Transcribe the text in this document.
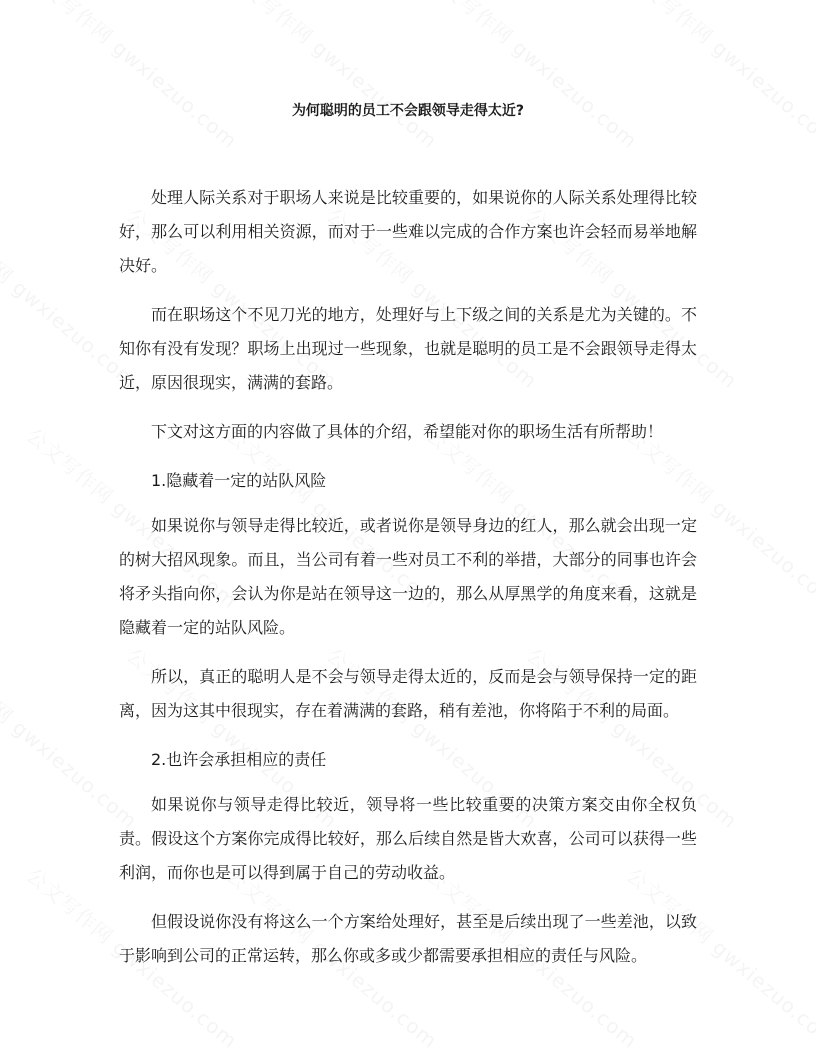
为何聪明的员工不会跟领导走得太近?

处理人际关系对于职场人来说是比较重要的，如果说你的人际关系处理得比较好，那么可以利用相关资源，而对于一些难以完成的合作方案也许会轻而易举地解决好。

而在职场这个不见刀光的地方，处理好与上下级之间的关系是尤为关键的。不知你有没有发现？职场上出现过一些现象，也就是聪明的员工是不会跟领导走得太近，原因很现实，满满的套路。

下文对这方面的内容做了具体的介绍，希望能对你的职场生活有所帮助！

1.隐藏着一定的站队风险

如果说你与领导走得比较近，或者说你是领导身边的红人，那么就会出现一定的树大招风现象。而且，当公司有着一些对员工不利的举措，大部分的同事也许会将矛头指向你，会认为你是站在领导这一边的，那么从厚黑学的角度来看，这就是隐藏着一定的站队风险。

所以，真正的聪明人是不会与领导走得太近的，反而是会与领导保持一定的距离，因为这其中很现实，存在着满满的套路，稍有差池，你将陷于不利的局面。

2.也许会承担相应的责任

如果说你与领导走得比较近，领导将一些比较重要的决策方案交由你全权负责。假设这个方案你完成得比较好，那么后续自然是皆大欢喜，公司可以获得一些利润，而你也是可以得到属于自己的劳动收益。

但假设说你没有将这么一个方案给处理好，甚至是后续出现了一些差池，以致于影响到公司的正常运转，那么你或多或少都需要承担相应的责任与风险。
